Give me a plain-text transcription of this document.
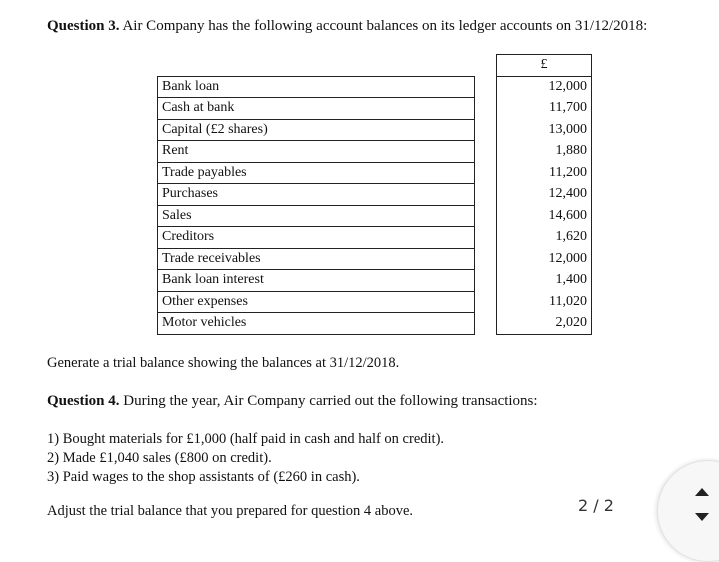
Question 3. Air Company has the following account balances on its ledger accounts on 31/12/2018:
		£
Bank loan		12,000
Cash at bank		11,700
Capital (£2 shares)		13,000
Rent		1,880
Trade payables		11,200
Purchases		12,400
Sales		14,600
Creditors		1,620
Trade receivables		12,000
Bank loan interest		1,400
Other expenses		11,020
Motor vehicles		2,020
Generate a trial balance showing the balances at 31/12/2018.
Question 4. During the year, Air Company carried out the following transactions:
1) Bought materials for £1,000 (half paid in cash and half on credit).
2) Made £1,040 sales (£800 on credit).
3) Paid wages to the shop assistants of (£260 in cash).
Adjust the trial balance that you prepared for question 4 above.	2 / 2
